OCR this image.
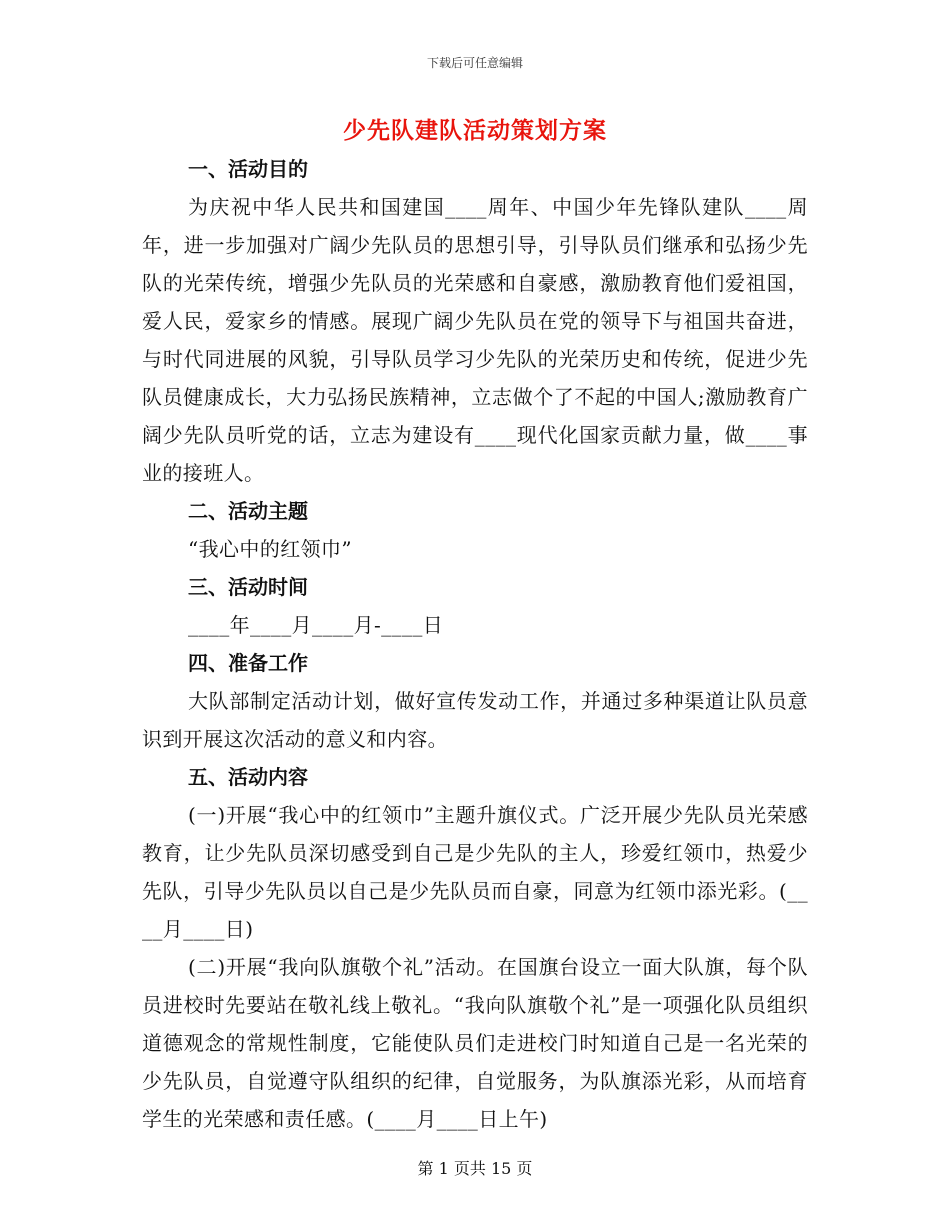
下载后可任意编辑
少先队建队活动策划方案

一、活动目的

为庆祝中华人民共和国建国____周年、中国少年先锋队建队____周年，进一步加强对广阔少先队员的思想引导，引导队员们继承和弘扬少先队的光荣传统，增强少先队员的光荣感和自豪感，激励教育他们爱祖国，爱人民，爱家乡的情感。展现广阔少先队员在党的领导下与祖国共奋进，与时代同进展的风貌，引导队员学习少先队的光荣历史和传统，促进少先队员健康成长，大力弘扬民族精神，立志做个了不起的中国人;激励教育广阔少先队员听党的话，立志为建设有____现代化国家贡献力量，做____事业的接班人。

二、活动主题

“我心中的红领巾”

三、活动时间

____年____月____月-____日

四、准备工作

大队部制定活动计划，做好宣传发动工作，并通过多种渠道让队员意识到开展这次活动的意义和内容。

五、活动内容

(一)开展“我心中的红领巾”主题升旗仪式。广泛开展少先队员光荣感教育，让少先队员深切感受到自己是少先队的主人，珍爱红领巾，热爱少先队，引导少先队员以自己是少先队员而自豪，同意为红领巾添光彩。(____月____日)

(二)开展“我向队旗敬个礼”活动。在国旗台设立一面大队旗，每个队员进校时先要站在敬礼线上敬礼。“我向队旗敬个礼”是一项强化队员组织道德观念的常规性制度，它能使队员们走进校门时知道自己是一名光荣的少先队员，自觉遵守队组织的纪律，自觉服务，为队旗添光彩，从而培育学生的光荣感和责任感。(____月____日上午)

第 1 页共 15 页
